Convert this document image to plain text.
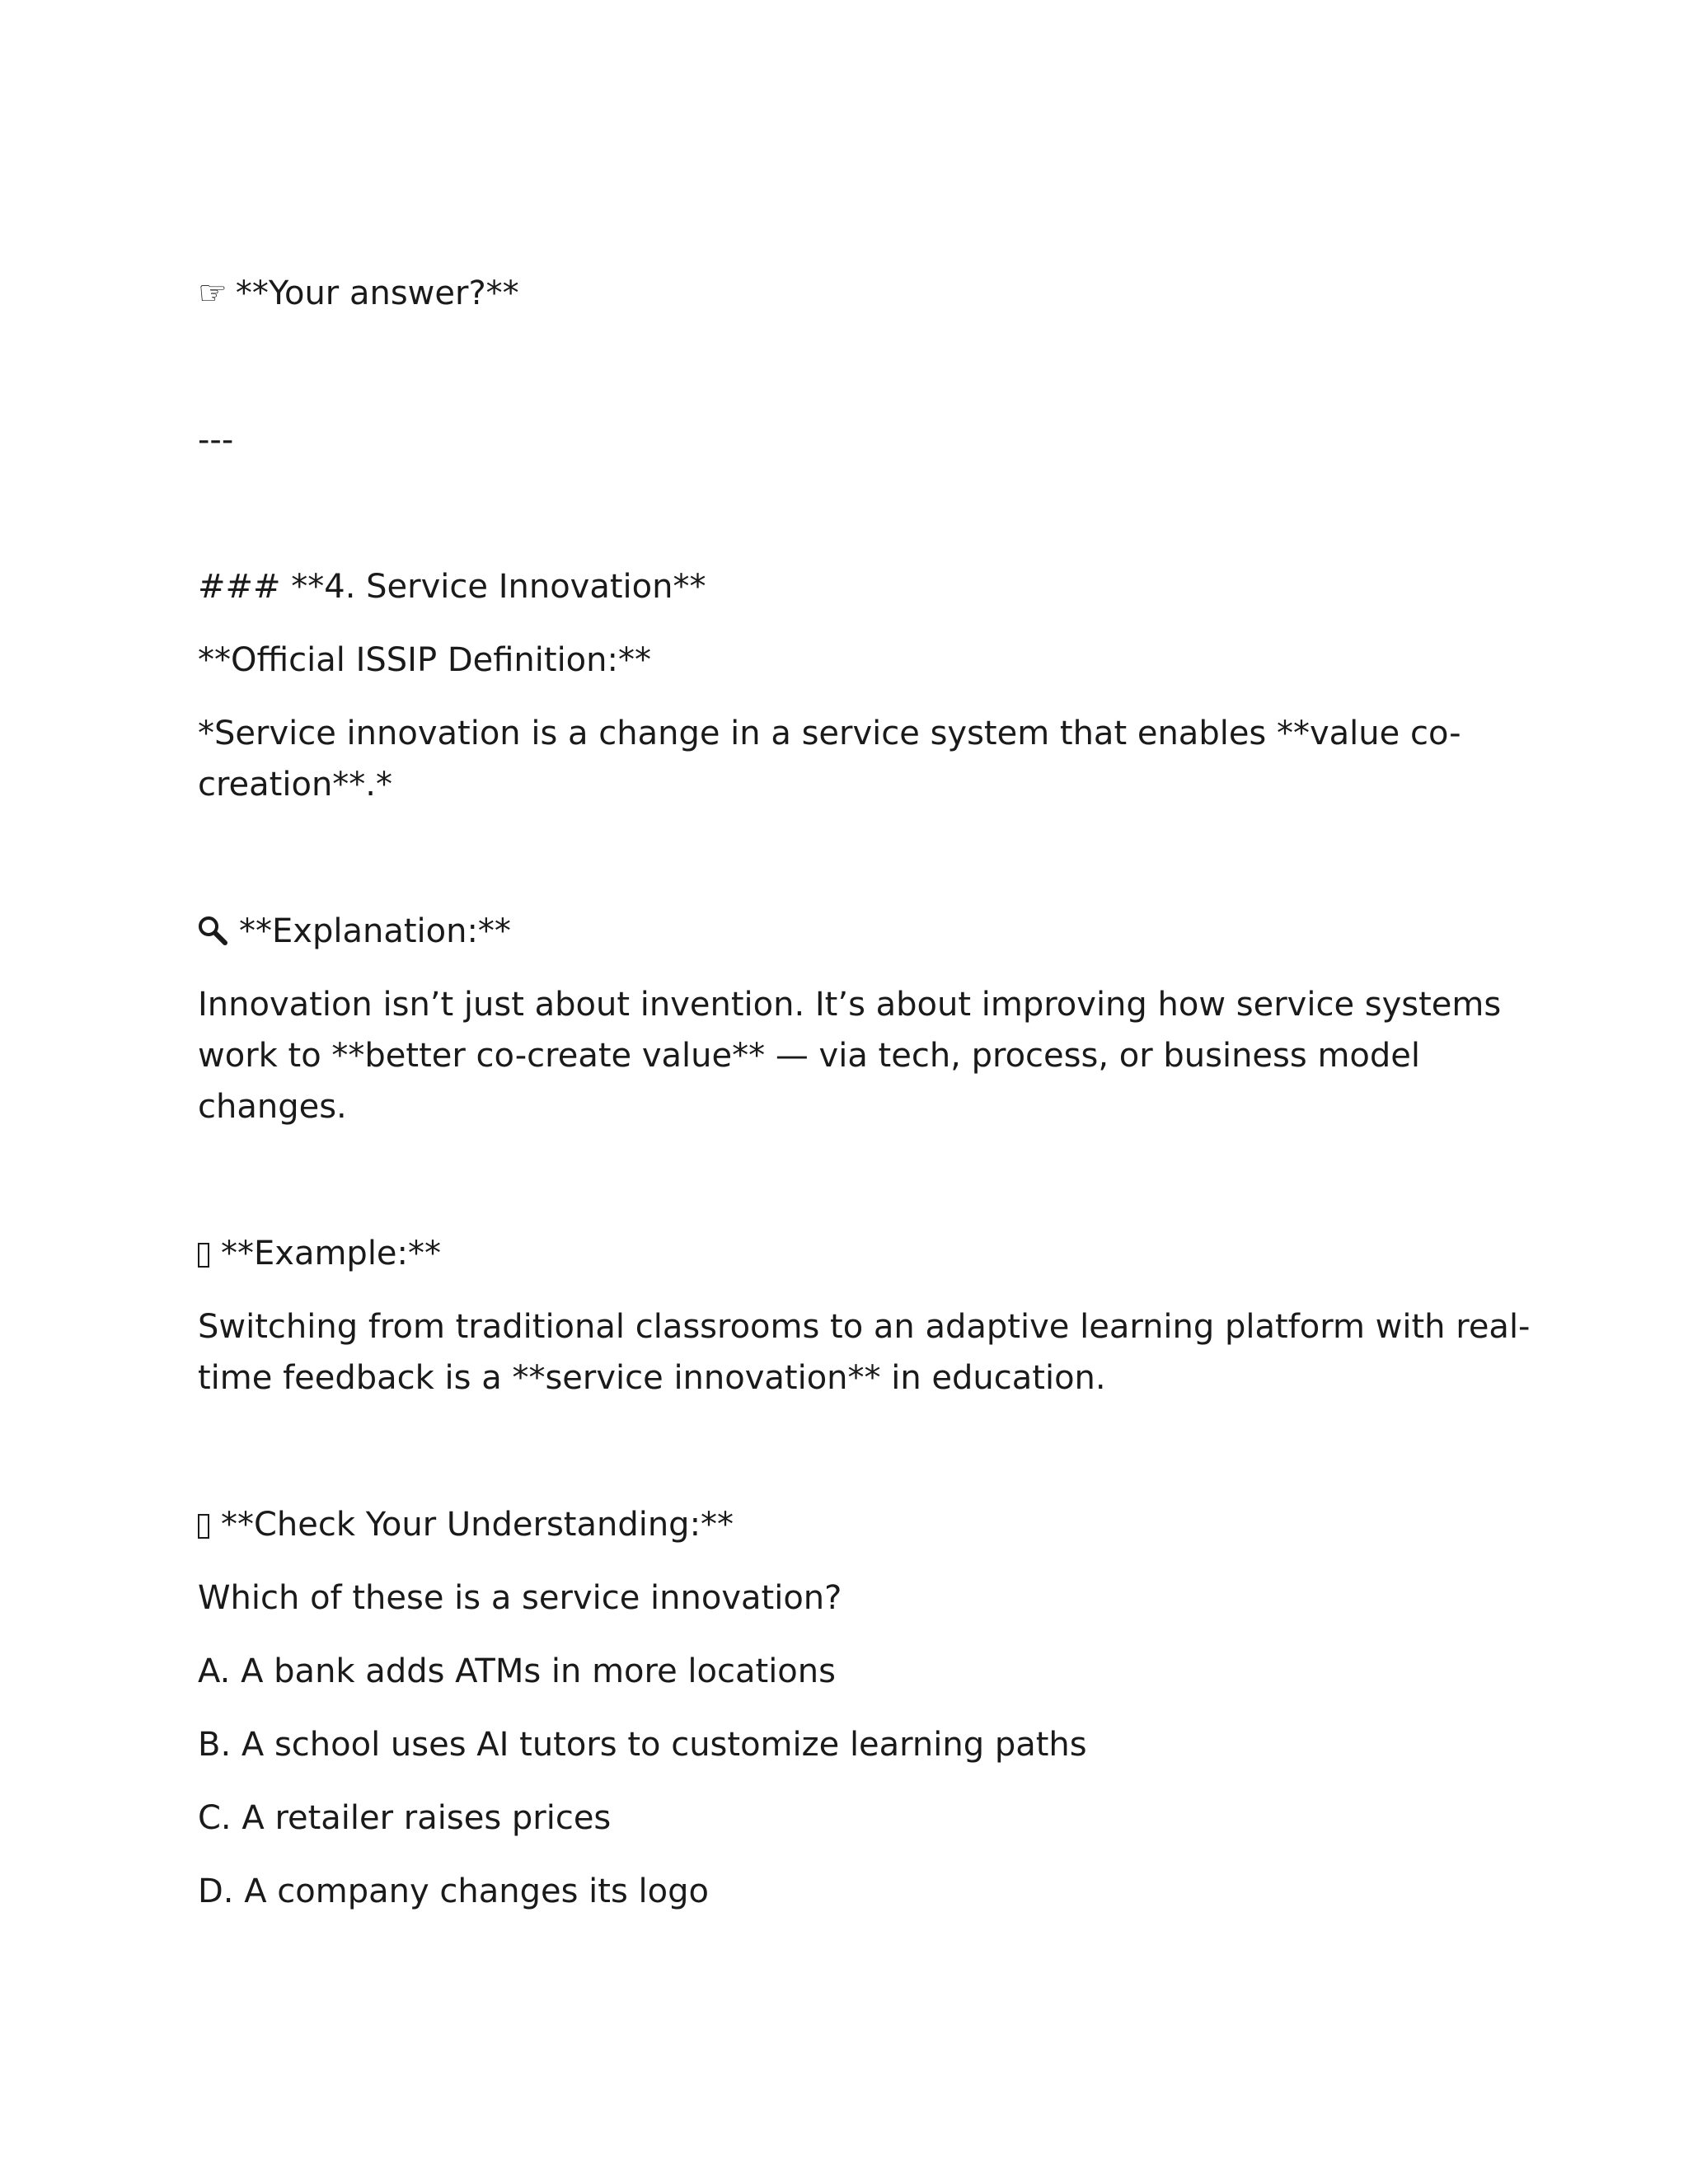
☞ **Your answer?**
---
### **4. Service Innovation**
**Official ISSIP Definition:**
*Service innovation is a change in a service system that enables **value co-
creation**.*
**Explanation:**
Innovation isn’t just about invention. It’s about improving how service systems
work to **better co-create value** — via tech, process, or business model
changes.
**Example:**
Switching from traditional classrooms to an adaptive learning platform with real-
time feedback is a **service innovation** in education.
**Check Your Understanding:**
Which of these is a service innovation?
A. A bank adds ATMs in more locations
B. A school uses AI tutors to customize learning paths
C. A retailer raises prices
D. A company changes its logo
